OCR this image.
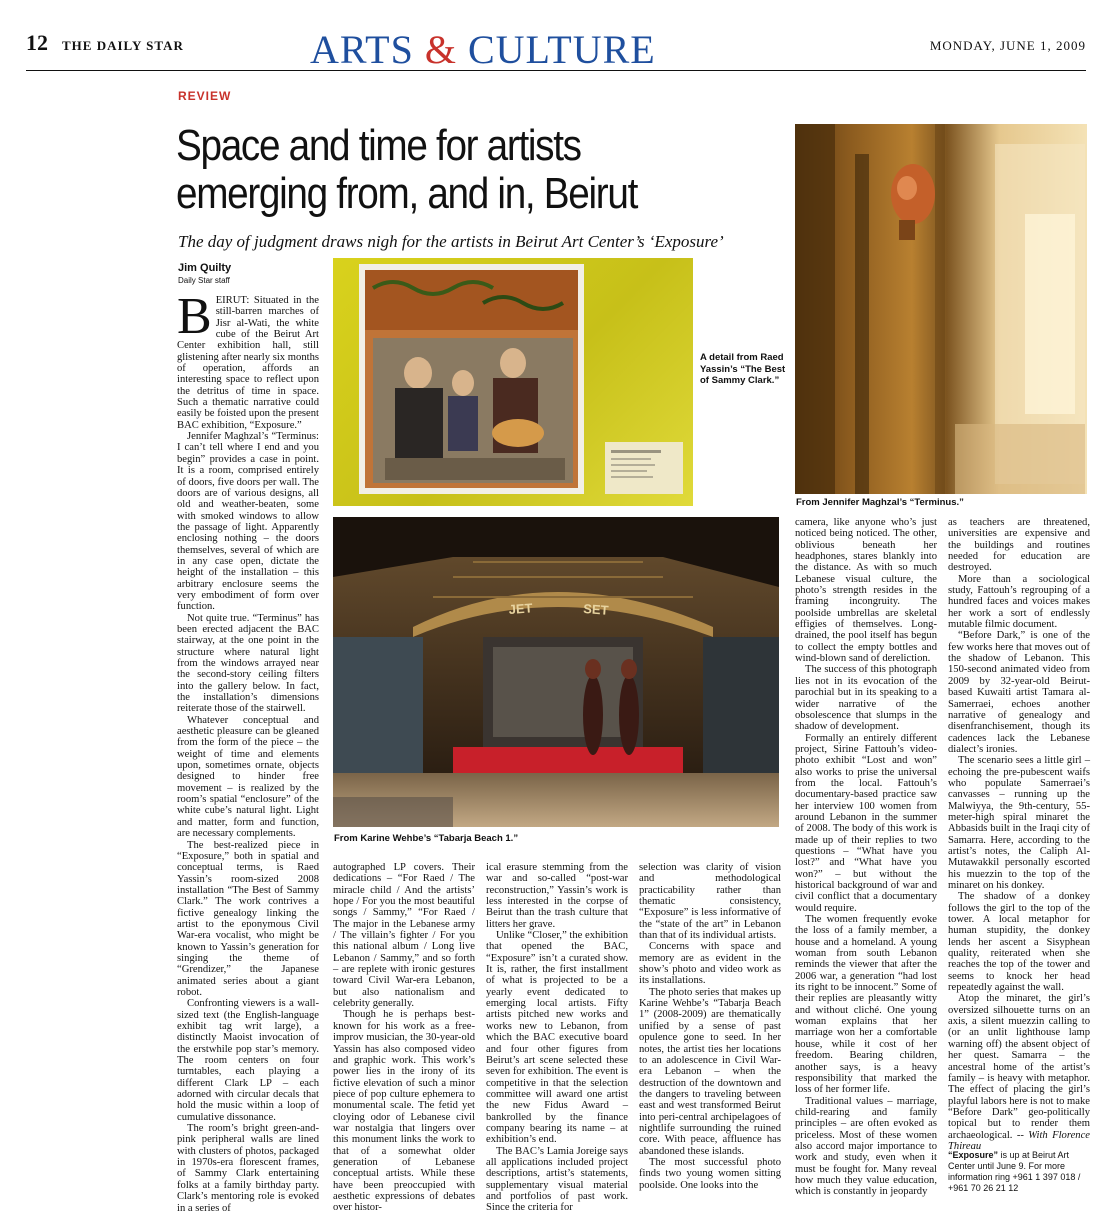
12 THE DAILY STAR	ARTS & CULTURE	MONDAY, JUNE 1, 2009
REVIEW
Space and time for artists emerging from, and in, Beirut
The day of judgment draws nigh for the artists in Beirut Art Center’s ‘Exposure’
Jim Quilty
Daily Star staff
A detail from Raed Yassin’s “The Best of Sammy Clark.”
From Jennifer Maghzal’s “Terminus.”
JET	SET
From Karine Wehbe’s “Tabarja Beach 1.”
B EIRUT: Situated in the still-barren marches of Jisr al-Wati, the white cube of the Beirut Art Center exhibition hall, still glistening after nearly six months of operation, affords an interesting space to reflect upon the detritus of time in space. Such a thematic narrative could easily be foisted upon the present BAC exhibition, “Exposure.”

Jennifer Maghzal’s “Terminus: I can’t tell where I end and you begin” provides a case in point. It is a room, comprised entirely of doors, five doors per wall. The doors are of various designs, all old and weather-beaten, some with smoked windows to allow the passage of light. Apparently enclosing nothing – the doors themselves, several of which are in any case open, dictate the height of the installation – this arbitrary enclosure seems the very embodiment of form over function.

Not quite true. “Terminus” has been erected adjacent the BAC stairway, at the one point in the structure where natural light from the windows arrayed near the second-story ceiling filters into the gallery below. In fact, the installation’s dimensions reiterate those of the stairwell.

Whatever conceptual and aesthetic pleasure can be gleaned from the form of the piece – the weight of time and elements upon, sometimes ornate, objects designed to hinder free movement – is realized by the room’s spatial “enclosure” of the white cube’s natural light. Light and matter, form and function, are necessary complements.

The best-realized piece in “Exposure,” both in spatial and conceptual terms, is Raed Yassin’s room-sized 2008 installation “The Best of Sammy Clark.” The work contrives a fictive genealogy linking the artist to the eponymous Civil War-era vocalist, who might be known to Yassin’s generation for singing the theme of “Grendizer,” the Japanese animated series about a giant robot.

Confronting viewers is a wall-sized text (the English-language exhibit tag writ large), a distinctly Maoist invocation of the erstwhile pop star’s memory. The room centers on four turntables, each playing a different Clark LP – each adorned with circular decals that hold the music within a loop of cumulative dissonance.

The room’s bright green-and-pink peripheral walls are lined with clusters of photos, packaged in 1970s-era florescent frames, of Sammy Clark entertaining folks at a family birthday party. Clark’s mentoring role is evoked in a series of

autographed LP covers. Their dedications – “For Raed / The miracle child / And the artists’ hope / For you the most beautiful songs / Sammy,” “For Raed / The major in the Lebanese army / The villain’s fighter / For you this national album / Long live Lebanon / Sammy,” and so forth – are replete with ironic gestures toward Civil War-era Lebanon, but also nationalism and celebrity generally.

Though he is perhaps best-known for his work as a free-improv musician, the 30-year-old Yassin has also composed video and graphic work. This work’s power lies in the irony of its fictive elevation of such a minor piece of pop culture ephemera to monumental scale. The fetid yet cloying odor of Lebanese civil war nostalgia that lingers over this monument links the work to that of a somewhat older generation of Lebanese conceptual artists. While these have been preoccupied with aesthetic expressions of debates over histor-

ical erasure stemming from the war and so-called “post-war reconstruction,” Yassin’s work is less interested in the corpse of Beirut than the trash culture that litters her grave.

Unlike “Closer,” the exhibition that opened the BAC, “Exposure” isn’t a curated show. It is, rather, the first installment of what is projected to be a yearly event dedicated to emerging local artists. Fifty artists pitched new works and works new to Lebanon, from which the BAC executive board and four other figures from Beirut’s art scene selected these seven for exhibition. The event is competitive in that the selection committee will award one artist the new Fidus Award – bankrolled by the finance company bearing its name – at exhibition’s end.

The BAC’s Lamia Joreige says all applications included project descriptions, artist’s statements, supplementary visual material and portfolios of past work. Since the criteria for

selection was clarity of vision and methodological practicability rather than thematic consistency, “Exposure” is less informative of the “state of the art” in Lebanon than that of its individual artists.

Concerns with space and memory are as evident in the show’s photo and video work as its installations.

The photo series that makes up Karine Wehbe’s “Tabarja Beach 1” (2008-2009) are thematically unified by a sense of past opulence gone to seed. In her notes, the artist ties her locations to an adolescence in Civil War-era Lebanon – when the destruction of the downtown and the dangers to traveling between east and west transformed Beirut into peri-central archipelagoes of nightlife surrounding the ruined core. With peace, affluence has abandoned these islands.

The most successful photo finds two young women sitting poolside. One looks into the

camera, like anyone who’s just noticed being noticed. The other, oblivious beneath her headphones, stares blankly into the distance. As with so much Lebanese visual culture, the photo’s strength resides in the framing incongruity. The poolside umbrellas are skeletal effigies of themselves. Long-drained, the pool itself has begun to collect the empty bottles and wind-blown sand of dereliction.

The success of this photograph lies not in its evocation of the parochial but in its speaking to a wider narrative of the obsolescence that slumps in the shadow of development.

Formally an entirely different project, Sirine Fattouh’s video-photo exhibit “Lost and won” also works to prise the universal from the local. Fattouh’s documentary-based practice saw her interview 100 women from around Lebanon in the summer of 2008. The body of this work is made up of their replies to two questions – “What have you lost?” and “What have you won?” – but without the historical background of war and civil conflict that a documentary would require.

The women frequently evoke the loss of a family member, a house and a homeland. A young woman from south Lebanon reminds the viewer that after the 2006 war, a generation “had lost its right to be innocent.” Some of their replies are pleasantly witty and without cliché. One young woman explains that her marriage won her a comfortable house, while it cost of her freedom. Bearing children, another says, is a heavy responsibility that marked the loss of her former life.

Traditional values – marriage, child-rearing and family principles – are often evoked as priceless. Most of these women also accord major importance to work and study, even when it must be fought for. Many reveal how much they value education, which is constantly in jeopardy

as teachers are threatened, universities are expensive and the buildings and routines needed for education are destroyed.

More than a sociological study, Fattouh’s regrouping of a hundred faces and voices makes her work a sort of endlessly mutable filmic document.

“Before Dark,” is one of the few works here that moves out of the shadow of Lebanon. This 150-second animated video from 2009 by 32-year-old Beirut-based Kuwaiti artist Tamara al-Samerraei, echoes another narrative of genealogy and disenfranchisement, though its cadences lack the Lebanese dialect’s ironies.

The scenario sees a little girl – echoing the pre-pubescent waifs who populate Samerraei’s canvasses – running up the Malwiyya, the 9th-century, 55-meter-high spiral minaret the Abbasids built in the Iraqi city of Samarra. Here, according to the artist’s notes, the Caliph Al-Mutawakkil personally escorted his muezzin to the top of the minaret on his donkey.

The shadow of a donkey follows the girl to the top of the tower. A local metaphor for human stupidity, the donkey lends her ascent a Sisyphean quality, reiterated when she reaches the top of the tower and seems to knock her head repeatedly against the wall.

Atop the minaret, the girl’s oversized silhouette turns on an axis, a silent muezzin calling to (or an unlit lighthouse lamp warning off) the absent object of her quest. Samarra – the ancestral home of the artist’s family – is heavy with metaphor. The effect of placing the girl’s playful labors here is not to make “Before Dark” geo-politically topical but to render them archaeological. -- With Florence Thireau

“Exposure” is up at Beirut Art Center until June 9. For more information ring +961 1 397 018 / +961 70 26 21 12
